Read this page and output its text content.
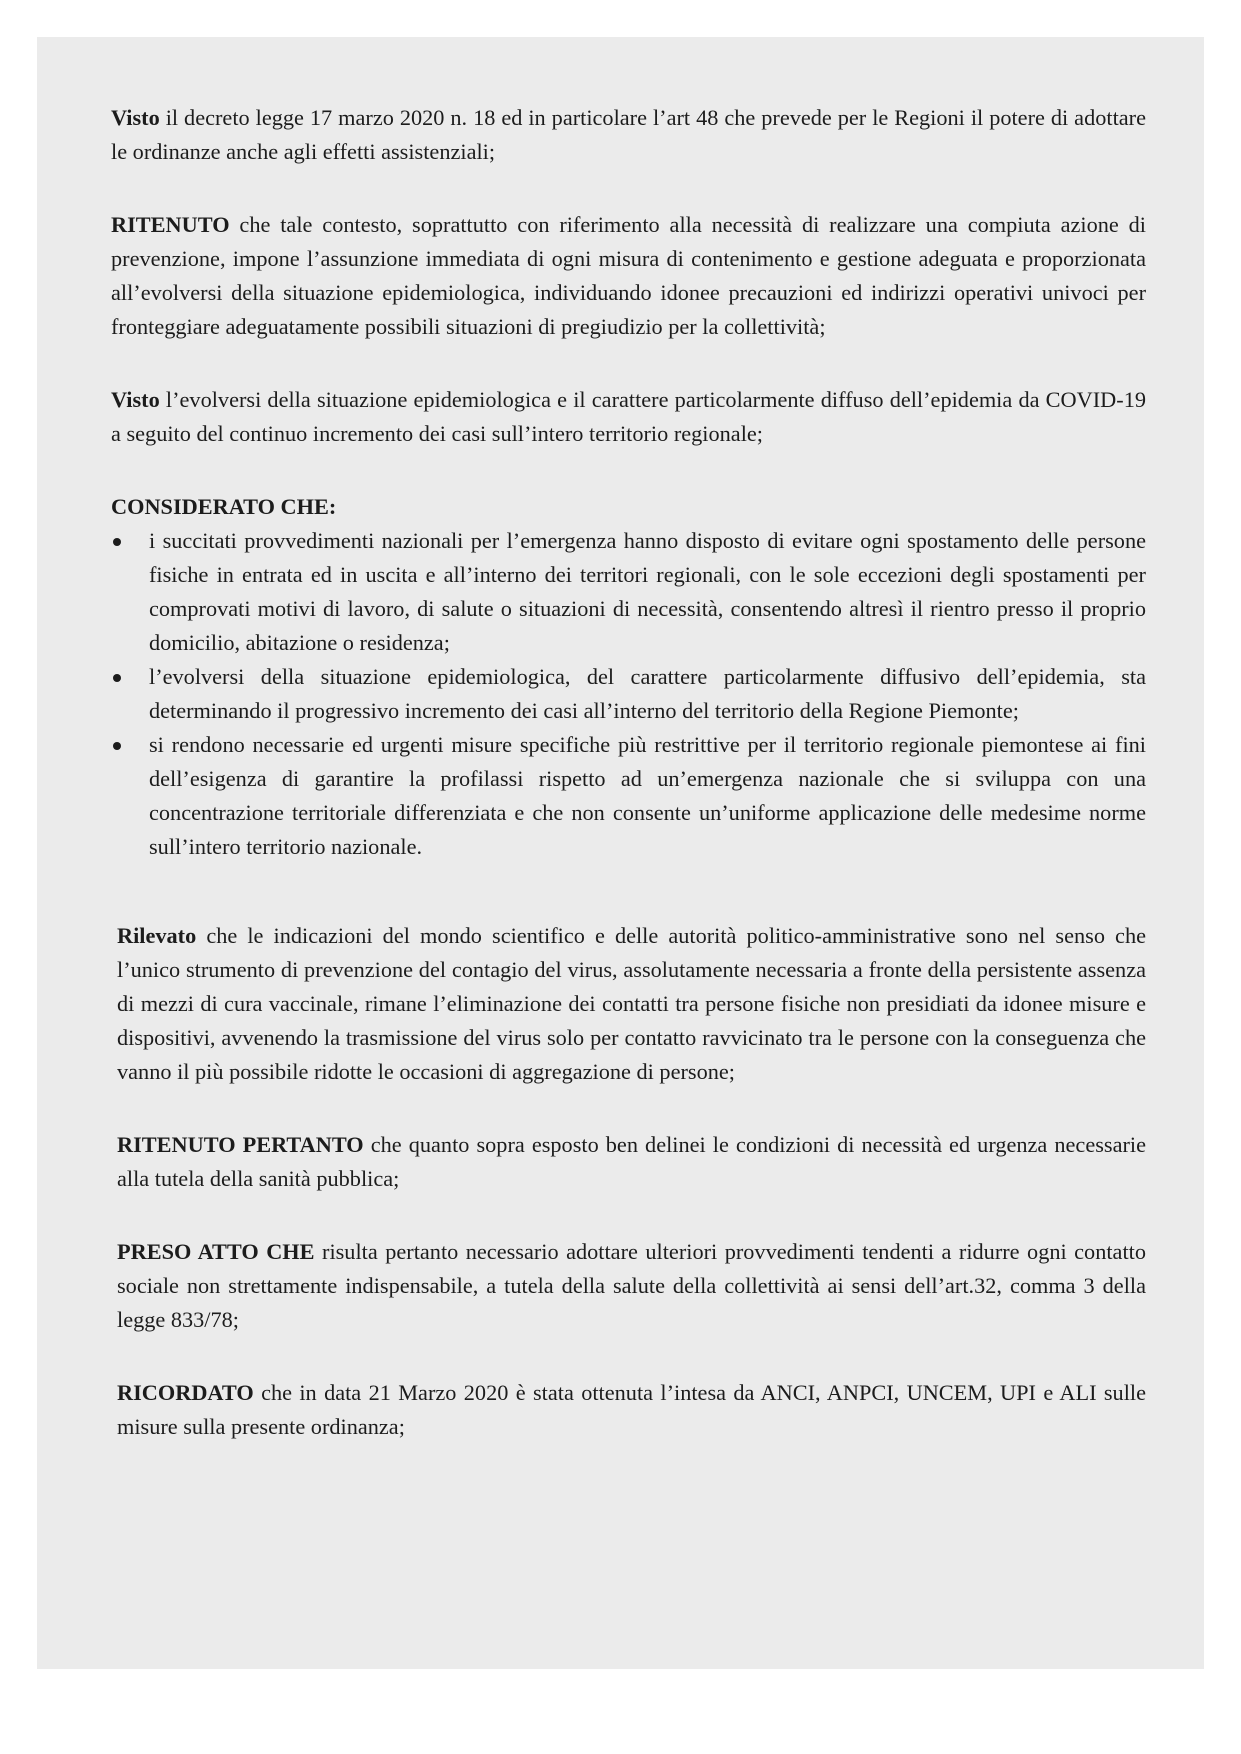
Visto il decreto legge 17 marzo 2020 n. 18 ed in particolare l’art 48 che prevede per le Regioni il potere di adottare le ordinanze anche agli effetti assistenziali;

RITENUTO che tale contesto, soprattutto con riferimento alla necessità di realizzare una compiuta azione di prevenzione, impone l’assunzione immediata di ogni misura di contenimento e gestione adeguata e proporzionata all’evolversi della situazione epidemiologica, individuando idonee precauzioni ed indirizzi operativi univoci per fronteggiare adeguatamente possibili situazioni di pregiudizio per la collettività;

Visto l’evolversi della situazione epidemiologica e il carattere particolarmente diffuso dell’epidemia da COVID-19 a seguito del continuo incremento dei casi sull’intero territorio regionale;

CONSIDERATO CHE:

i succitati provvedimenti nazionali per l’emergenza hanno disposto di evitare ogni spostamento delle persone fisiche in entrata ed in uscita e all’interno dei territori regionali, con le sole eccezioni degli spostamenti per comprovati motivi di lavoro, di salute o situazioni di necessità, consentendo altresì il rientro presso il proprio domicilio, abitazione o residenza;
l’evolversi della situazione epidemiologica, del carattere particolarmente diffusivo dell’epidemia, sta determinando il progressivo incremento dei casi all’interno del territorio della Regione Piemonte;
si rendono necessarie ed urgenti misure specifiche più restrittive per il territorio regionale piemontese ai fini dell’esigenza di garantire la profilassi rispetto ad un’emergenza nazionale che si sviluppa con una concentrazione territoriale differenziata e che non consente un’uniforme applicazione delle medesime norme sull’intero territorio nazionale.

Rilevato che le indicazioni del mondo scientifico e delle autorità politico-amministrative sono nel senso che l’unico strumento di prevenzione del contagio del virus, assolutamente necessaria a fronte della persistente assenza di mezzi di cura vaccinale, rimane l’eliminazione dei contatti tra persone fisiche non presidiati da idonee misure e dispositivi, avvenendo la trasmissione del virus solo per contatto ravvicinato tra le persone con la conseguenza che vanno il più possibile ridotte le occasioni di aggregazione di persone;

RITENUTO PERTANTO che quanto sopra esposto ben delinei le condizioni di necessità ed urgenza necessarie alla tutela della sanità pubblica;

PRESO ATTO CHE risulta pertanto necessario adottare ulteriori provvedimenti tendenti a ridurre ogni contatto sociale non strettamente indispensabile, a tutela della salute della collettività ai sensi dell’art.32, comma 3 della legge 833/78;

RICORDATO che in data 21 Marzo 2020 è stata ottenuta l’intesa da ANCI, ANPCI, UNCEM, UPI e ALI sulle misure sulla presente ordinanza;
